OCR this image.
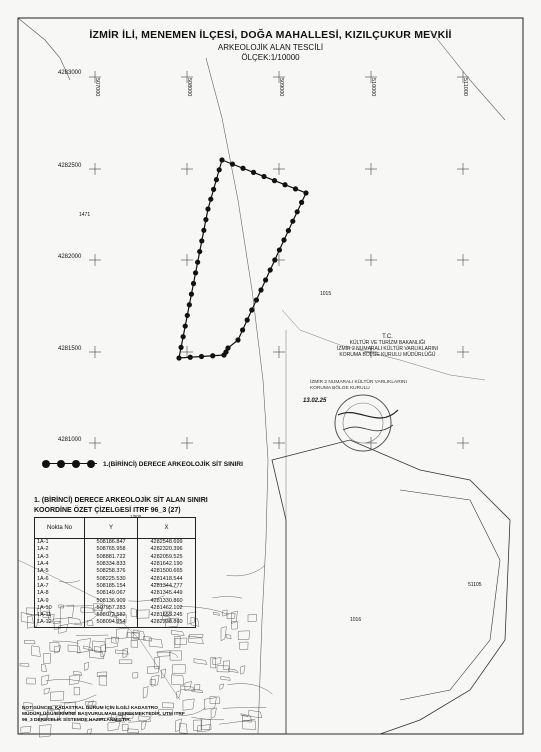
İZMİR İLİ, MENEMEN İLÇESİ, DOĞA MAHALLESİ, KIZILÇUKUR MEVKİİ
ARKEOLOJİK ALAN TESCİLİ
ÖLÇEK:1/10000
4283000
4282500
4282000
4281500
4281000
507000	508000	509000	510000	511000
1471
1015
1016
51105
T.C.
KÜLTÜR VE TURİZM BAKANLIĞI
İZMİR 2 NUMARALI KÜLTÜR VARLIKLARINI
KORUMA BÖLGE KURULU MÜDÜRLÜĞÜ
İZMİR 2 NUMARALI KÜLTÜR VARLIKLARINI
KORUMA BÖLGE KURULU
13.02.25
1.(BİRİNCİ) DERECE ARKEOLOJİK SİT SINIRI
1. (BİRİNCİ) DERECE ARKEOLOJİK SİT ALAN SINIRI
KOORDİNE ÖZET ÇİZELGESİ ITRF 96_3 (27)
1/500
Nokta No	Y	X
1A-1	508186.847	4282548.699
1A-2	508765.958	4282320.396
1A-3	508881.722	4282059.525
1A-4	508334.833	4281642.190
1A-5	508258.376	4281500.665
1A-6	508225.530	4281418.544
1A-7	508185.154	4281344.777
1A-8	508149.067	4281345.449
1A-9	508136.909	4281330.860
1A-10	507957.283	4281462.102
1A-11	508072.582	4281655.245
1A-12	508094.954	4282238.860
NOT:GÜNCEL KADASTRAL DURUM İÇİN İLGİLİ KADASTRO MÜDÜRLÜĞÜ/BİRİMİNE BAŞVURULMASI GEREKMEKTEDİR. UTM ITRF 96_3 DERECELİK SİSTEMDE HAZIRLANMIŞTIR.
